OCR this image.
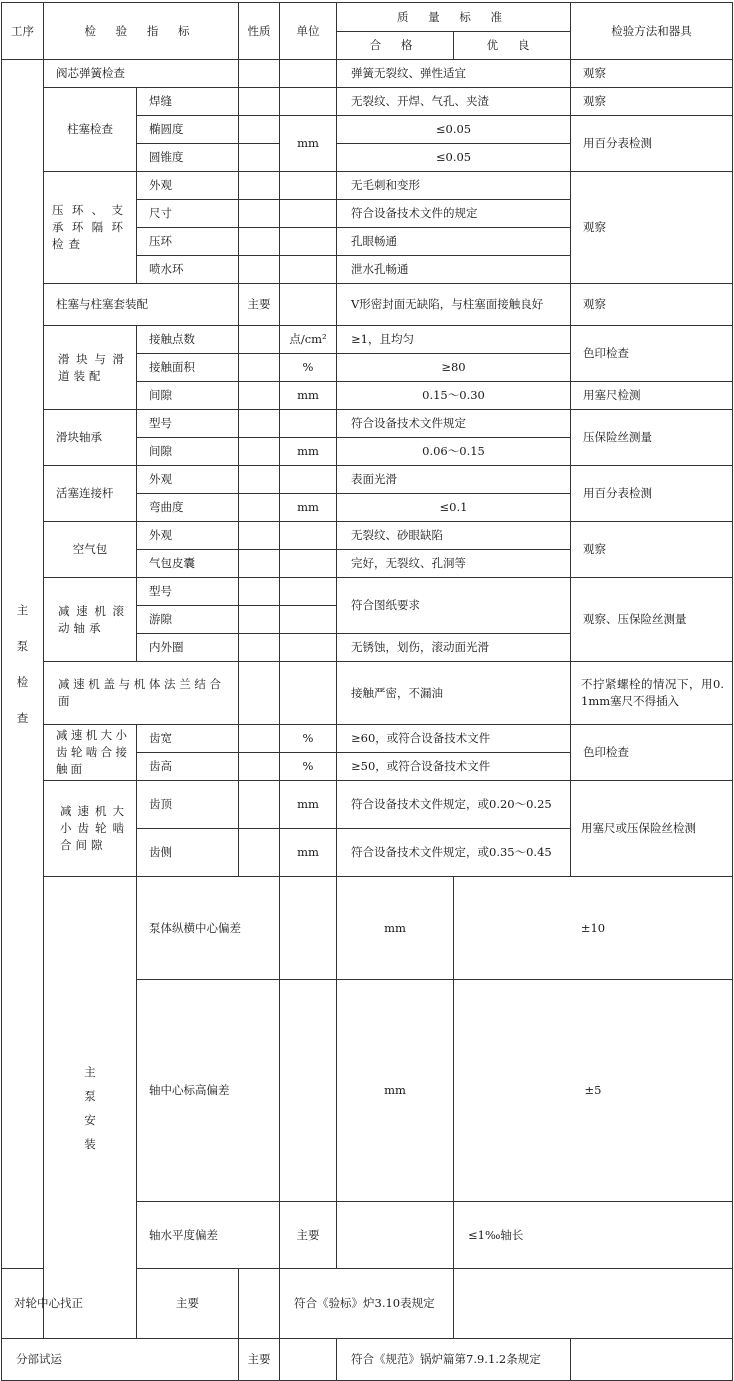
工序	检 验 指 标		性质	单位	质 量 标 准		检验方法和器具	
					合 格	优 良		
主
泵
检
查	阀芯弹簧检查				弹簧无裂纹、弹性适宜		观察	
	柱塞检查	焊缝			无裂纹、开焊、气孔、夹渣		观察	
		椭圆度		mm	≤0.05		用百分表检测	
		圆锥度			≤0.05			
	压环、支承环隔环检查	外观			无毛刺和变形		观察	
		尺寸			符合设备技术文件的规定			
		压环			孔眼畅通			
		喷水环			泄水孔畅通			
	柱塞与柱塞套装配		主要		V形密封面无缺陷，与柱塞面接触良好		观察	
	滑块与滑道装配	接触点数		点/cm²	≥1，且均匀		色印检查	
		接触面积		%	≥80			
		间隙		mm	0.15～0.30		用塞尺检测	
	滑块轴承	型号			符合设备技术文件规定		压保险丝测量	
		间隙		mm	0.06～0.15			
	活塞连接杆	外观			表面光滑		用百分表检测	
		弯曲度		mm	≤0.1			
	空气包	外观			无裂纹、砂眼缺陷		观察	
		气包皮囊			完好，无裂纹、孔洞等			
	减速机滚动轴承	型号			符合图纸要求		观察、压保险丝测量	
		游隙						
		内外圈			无锈蚀，划伤，滚动面光滑			
	减速机盖与机体法兰结合面				接触严密，不漏油		不拧紧螺栓的情况下，用0.1mm塞尺不得插入	
	减速机大小齿轮啮合接触面	齿宽		%	≥60，或符合设备技术文件		色印检查	
		齿高		%	≥50，或符合设备技术文件			
	减速机大小齿轮啮合间隙	齿顶		mm	符合设备技术文件规定，或0.20～0.25		用塞尺或压保险丝检测	
		齿侧		mm	符合设备技术文件规定，或0.35～0.45			
	主
泵
安
装	泵体纵横中心偏差			mm	±10	
		轴中心标高偏差			mm	±5	
		轴水平度偏差		主要		≤1‰轴长	
对轮中心找正		主要		符合《验标》炉3.10表规定				
分部试运			主要		符合《规范》锅炉篇第7.9.1.2条规定			
